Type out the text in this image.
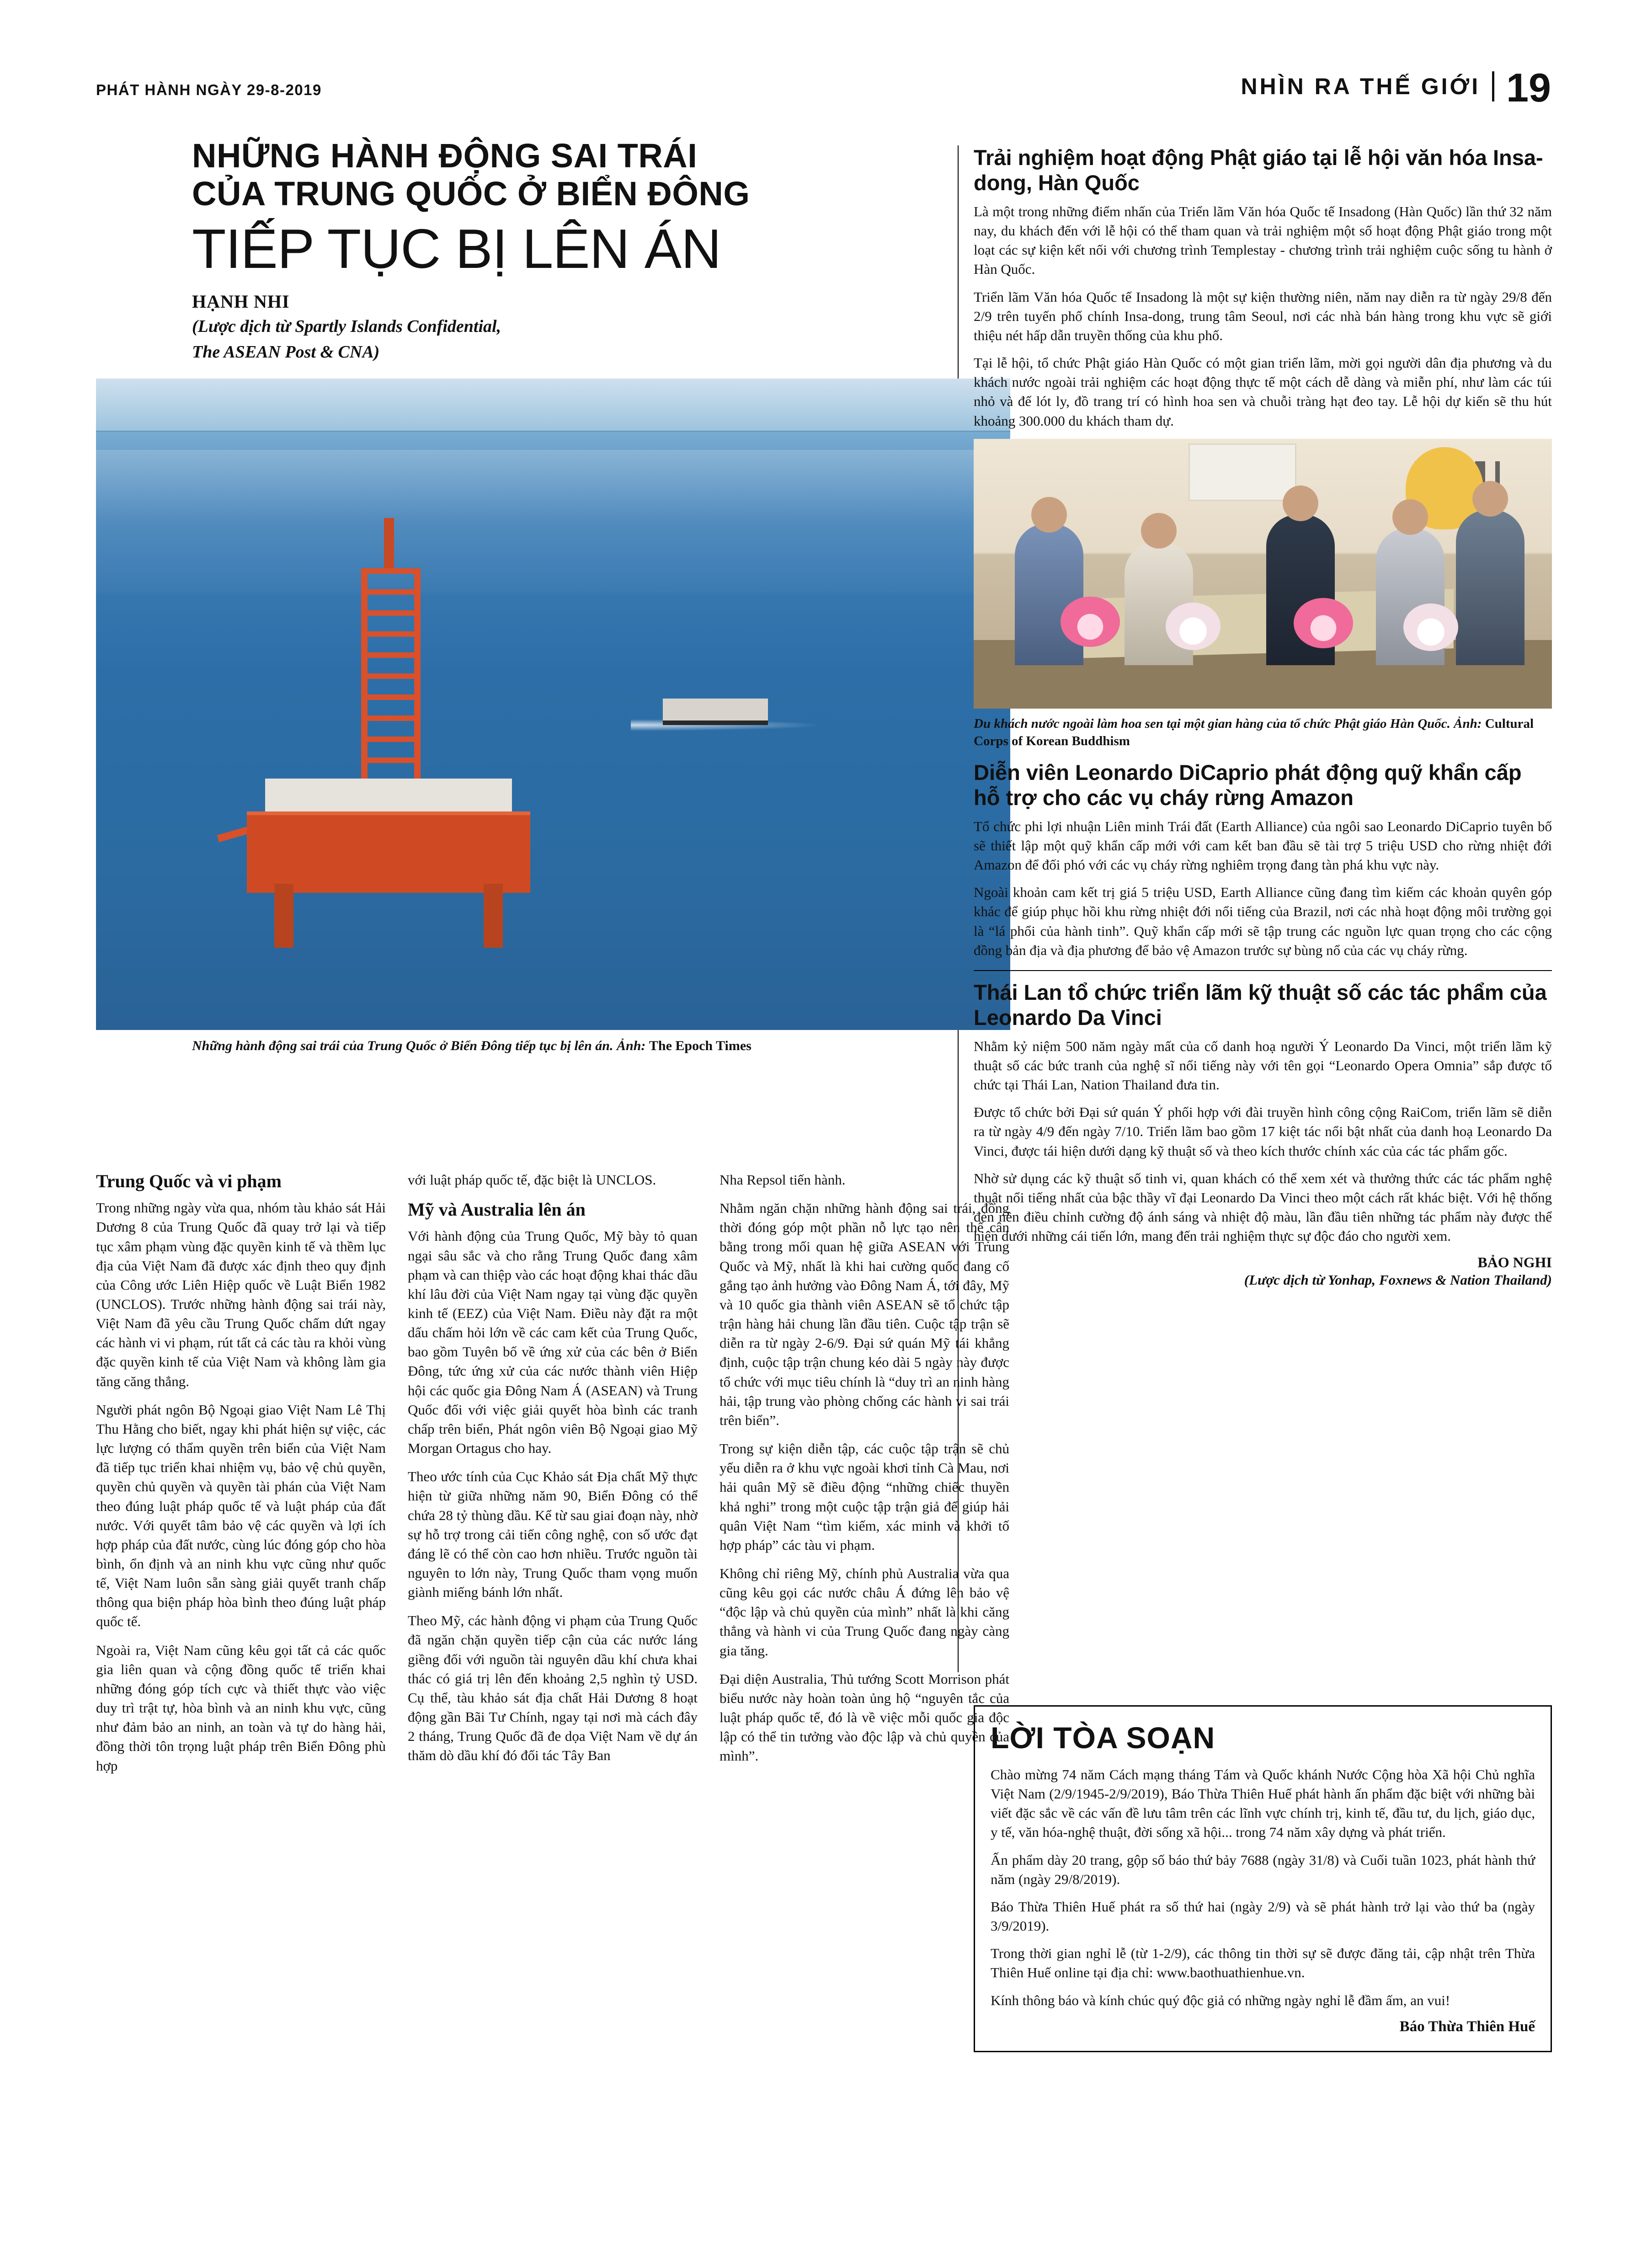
PHÁT HÀNH NGÀY 29-8-2019	NHÌN RA THẾ GIỚI 19
NHỮNG HÀNH ĐỘNG SAI TRÁI
CỦA TRUNG QUỐC Ở BIỂN ĐÔNG
TIẾP TỤC BỊ LÊN ÁN
HẠNH NHI
(Lược dịch từ Spartly Islands Confidential,
The ASEAN Post & CNA)
Những hành động sai trái của Trung Quốc ở Biển Đông tiếp tục bị lên án. Ảnh: The Epoch Times
Trung Quốc và vi phạm

Trong những ngày vừa qua, nhóm tàu khảo sát Hải Dương 8 của Trung Quốc đã quay trở lại và tiếp tục xâm phạm vùng đặc quyền kinh tế và thềm lục địa của Việt Nam đã được xác định theo quy định của Công ước Liên Hiệp quốc về Luật Biển 1982 (UNCLOS). Trước những hành động sai trái này, Việt Nam đã yêu cầu Trung Quốc chấm dứt ngay các hành vi vi phạm, rút tất cả các tàu ra khỏi vùng đặc quyền kinh tế của Việt Nam và không làm gia tăng căng thẳng.

Người phát ngôn Bộ Ngoại giao Việt Nam Lê Thị Thu Hằng cho biết, ngay khi phát hiện sự việc, các lực lượng có thẩm quyền trên biển của Việt Nam đã tiếp tục triển khai nhiệm vụ, bảo vệ chủ quyền, quyền chủ quyền và quyền tài phán của Việt Nam theo đúng luật pháp quốc tế và luật pháp của đất nước. Với quyết tâm bảo vệ các quyền và lợi ích hợp pháp của đất nước, cùng lúc đóng góp cho hòa bình, ổn định và an ninh khu vực cũng như quốc tế, Việt Nam luôn sẵn sàng giải quyết tranh chấp thông qua biện pháp hòa bình theo đúng luật pháp quốc tế.

Ngoài ra, Việt Nam cũng kêu gọi tất cả các quốc gia liên quan và cộng đồng quốc tế triển khai những đóng góp tích cực và thiết thực vào việc duy trì trật tự, hòa bình và an ninh khu vực, cũng như đảm bảo an ninh, an toàn và tự do hàng hải, đồng thời tôn trọng luật pháp trên Biển Đông phù hợp

với luật pháp quốc tế, đặc biệt là UNCLOS.

Mỹ và Australia lên án

Với hành động của Trung Quốc, Mỹ bày tỏ quan ngại sâu sắc và cho rằng Trung Quốc đang xâm phạm và can thiệp vào các hoạt động khai thác dầu khí lâu đời của Việt Nam ngay tại vùng đặc quyền kinh tế (EEZ) của Việt Nam. Điều này đặt ra một dấu chấm hỏi lớn về các cam kết của Trung Quốc, bao gồm Tuyên bố về ứng xử của các bên ở Biển Đông, tức ứng xử của các nước thành viên Hiệp hội các quốc gia Đông Nam Á (ASEAN) và Trung Quốc đối với việc giải quyết hòa bình các tranh chấp trên biển, Phát ngôn viên Bộ Ngoại giao Mỹ Morgan Ortagus cho hay.

Theo ước tính của Cục Khảo sát Địa chất Mỹ thực hiện từ giữa những năm 90, Biển Đông có thể chứa 28 tỷ thùng dầu. Kể từ sau giai đoạn này, nhờ sự hỗ trợ trong cải tiến công nghệ, con số ước đạt đáng lẽ có thể còn cao hơn nhiều. Trước nguồn tài nguyên to lớn này, Trung Quốc tham vọng muốn giành miếng bánh lớn nhất.

Theo Mỹ, các hành động vi phạm của Trung Quốc đã ngăn chặn quyền tiếp cận của các nước láng giềng đối với nguồn tài nguyên dầu khí chưa khai thác có giá trị lên đến khoảng 2,5 nghìn tỷ USD. Cụ thể, tàu khảo sát địa chất Hải Dương 8 hoạt động gần Bãi Tư Chính, ngay tại nơi mà cách đây 2 tháng, Trung Quốc đã đe dọa Việt Nam về dự án thăm dò dầu khí đó đối tác Tây Ban

Nha Repsol tiến hành.

Nhằm ngăn chặn những hành động sai trái, đồng thời đóng góp một phần nỗ lực tạo nên thế cân bằng trong mối quan hệ giữa ASEAN với Trung Quốc và Mỹ, nhất là khi hai cường quốc đang cố gắng tạo ảnh hưởng vào Đông Nam Á, tới đây, Mỹ và 10 quốc gia thành viên ASEAN sẽ tổ chức tập trận hàng hải chung lần đầu tiên. Cuộc tập trận sẽ diễn ra từ ngày 2-6/9. Đại sứ quán Mỹ tái khẳng định, cuộc tập trận chung kéo dài 5 ngày này được tổ chức với mục tiêu chính là “duy trì an ninh hàng hải, tập trung vào phòng chống các hành vi sai trái trên biển”.

Trong sự kiện diễn tập, các cuộc tập trận sẽ chủ yếu diễn ra ở khu vực ngoài khơi tỉnh Cà Mau, nơi hải quân Mỹ sẽ điều động “những chiếc thuyền khả nghi” trong một cuộc tập trận giả để giúp hải quân Việt Nam “tìm kiếm, xác minh và khởi tố hợp pháp” các tàu vi phạm.

Không chỉ riêng Mỹ, chính phủ Australia vừa qua cũng kêu gọi các nước châu Á đứng lên bảo vệ “độc lập và chủ quyền của mình” nhất là khi căng thẳng và hành vi của Trung Quốc đang ngày càng gia tăng.

Đại diện Australia, Thủ tướng Scott Morrison phát biểu nước này hoàn toàn ủng hộ “nguyên tắc của luật pháp quốc tế, đó là về việc mỗi quốc gia độc lập có thể tin tưởng vào độc lập và chủ quyền của mình”.

Trải nghiệm hoạt động Phật giáo tại lễ hội văn hóa Insa-dong, Hàn Quốc

Là một trong những điểm nhấn của Triển lãm Văn hóa Quốc tế Insadong (Hàn Quốc) lần thứ 32 năm nay, du khách đến với lễ hội có thể tham quan và trải nghiệm một số hoạt động Phật giáo trong một loạt các sự kiện kết nối với chương trình Templestay - chương trình trải nghiệm cuộc sống tu hành ở Hàn Quốc.

Triển lãm Văn hóa Quốc tế Insadong là một sự kiện thường niên, năm nay diễn ra từ ngày 29/8 đến 2/9 trên tuyến phố chính Insa-dong, trung tâm Seoul, nơi các nhà bán hàng trong khu vực sẽ giới thiệu nét hấp dẫn truyền thống của khu phố.

Tại lễ hội, tổ chức Phật giáo Hàn Quốc có một gian triển lãm, mời gọi người dân địa phương và du khách nước ngoài trải nghiệm các hoạt động thực tế một cách dễ dàng và miễn phí, như làm các túi nhỏ và đế lót ly, đồ trang trí có hình hoa sen và chuỗi tràng hạt đeo tay. Lễ hội dự kiến sẽ thu hút khoảng 300.000 du khách tham dự.

Du khách nước ngoài làm hoa sen tại một gian hàng của tổ chức Phật giáo Hàn Quốc. Ảnh: Cultural Corps of Korean Buddhism
Diễn viên Leonardo DiCaprio phát động quỹ khẩn cấp hỗ trợ cho các vụ cháy rừng Amazon

Tổ chức phi lợi nhuận Liên minh Trái đất (Earth Alliance) của ngôi sao Leonardo DiCaprio tuyên bố sẽ thiết lập một quỹ khẩn cấp mới với cam kết ban đầu sẽ tài trợ 5 triệu USD cho rừng nhiệt đới Amazon để đối phó với các vụ cháy rừng nghiêm trọng đang tàn phá khu vực này.

Ngoài khoản cam kết trị giá 5 triệu USD, Earth Alliance cũng đang tìm kiếm các khoản quyên góp khác để giúp phục hồi khu rừng nhiệt đới nổi tiếng của Brazil, nơi các nhà hoạt động môi trường gọi là “lá phổi của hành tinh”. Quỹ khẩn cấp mới sẽ tập trung các nguồn lực quan trọng cho các cộng đồng bản địa và địa phương để bảo vệ Amazon trước sự bùng nổ của các vụ cháy rừng.

Thái Lan tổ chức triển lãm kỹ thuật số các tác phẩm của Leonardo Da Vinci

Nhằm kỷ niệm 500 năm ngày mất của cố danh hoạ người Ý Leonardo Da Vinci, một triển lãm kỹ thuật số các bức tranh của nghệ sĩ nổi tiếng này với tên gọi “Leonardo Opera Omnia” sắp được tổ chức tại Thái Lan, Nation Thailand đưa tin.

Được tổ chức bởi Đại sứ quán Ý phối hợp với đài truyền hình công cộng RaiCom, triển lãm sẽ diễn ra từ ngày 4/9 đến ngày 7/10. Triển lãm bao gồm 17 kiệt tác nổi bật nhất của danh hoạ Leonardo Da Vinci, được tái hiện dưới dạng kỹ thuật số và theo kích thước chính xác của các tác phẩm gốc.

Nhờ sử dụng các kỹ thuật số tinh vi, quan khách có thể xem xét và thưởng thức các tác phẩm nghệ thuật nổi tiếng nhất của bậc thầy vĩ đại Leonardo Da Vinci theo một cách rất khác biệt. Với hệ thống đèn nền điều chỉnh cường độ ánh sáng và nhiệt độ màu, lần đầu tiên những tác phẩm này được thể hiện dưới những cái tiến lớn, mang đến trải nghiệm thực sự độc đáo cho người xem.

BẢO NGHI
(Lược dịch từ Yonhap, Foxnews & Nation Thailand)
LỜI TÒA SOẠN

Chào mừng 74 năm Cách mạng tháng Tám và Quốc khánh Nước Cộng hòa Xã hội Chủ nghĩa Việt Nam (2/9/1945-2/9/2019), Báo Thừa Thiên Huế phát hành ấn phẩm đặc biệt với những bài viết đặc sắc về các vấn đề lưu tâm trên các lĩnh vực chính trị, kinh tế, đầu tư, du lịch, giáo dục, y tế, văn hóa-nghệ thuật, đời sống xã hội... trong 74 năm xây dựng và phát triển.

Ấn phẩm dày 20 trang, gộp số báo thứ bảy 7688 (ngày 31/8) và Cuối tuần 1023, phát hành thứ năm (ngày 29/8/2019).

Báo Thừa Thiên Huế phát ra số thứ hai (ngày 2/9) và sẽ phát hành trở lại vào thứ ba (ngày 3/9/2019).

Trong thời gian nghỉ lễ (từ 1-2/9), các thông tin thời sự sẽ được đăng tải, cập nhật trên Thừa Thiên Huế online tại địa chỉ: www.baothuathienhue.vn.

Kính thông báo và kính chúc quý độc giả có những ngày nghỉ lễ đầm ấm, an vui!

Báo Thừa Thiên Huế
